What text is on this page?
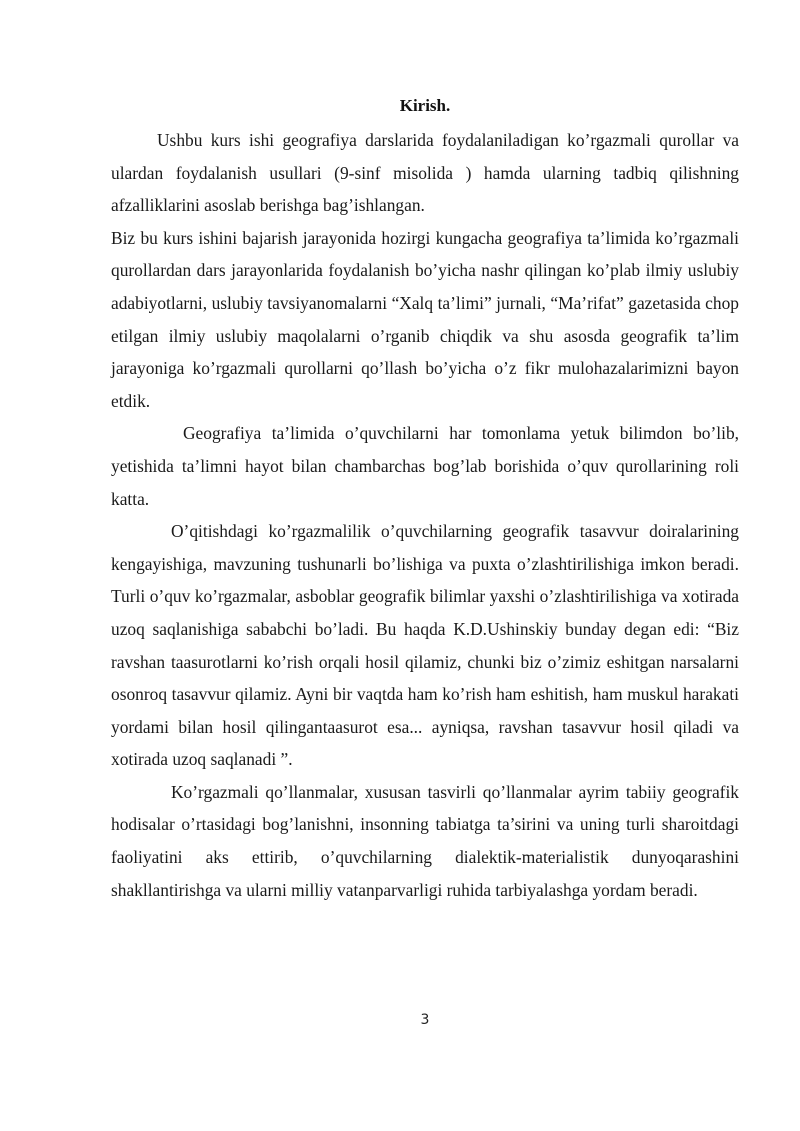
Kirish.

Ushbu kurs ishi geografiya darslarida foydalaniladigan ko’rgazmali qurollar va ulardan foydalanish usullari (9-sinf misolida ) hamda ularning tadbiq qilishning afzalliklarini asoslab berishga bag’ishlangan.

Biz bu kurs ishini bajarish jarayonida hozirgi kungacha geografiya ta’limida ko’rgazmali qurollardan dars jarayonlarida foydalanish bo’yicha nashr qilingan ko’plab ilmiy uslubiy adabiyotlarni, uslubiy tavsiyanomalarni “Xalq ta’limi” jurnali, “Ma’rifat” gazetasida chop etilgan ilmiy uslubiy maqolalarni o’rganib chiqdik va shu asosda geografik ta’lim jarayoniga ko’rgazmali qurollarni qo’llash bo’yicha o’z fikr mulohazalarimizni bayon etdik.

Geografiya ta’limida o’quvchilarni har tomonlama yetuk bilimdon bo’lib, yetishida ta’limni hayot bilan chambarchas bog’lab borishida o’quv qurollarining roli katta.

O’qitishdagi ko’rgazmalilik o’quvchilarning geografik tasavvur doiralarining kengayishiga, mavzuning tushunarli bo’lishiga va puxta o’zlashtirilishiga imkon beradi. Turli o’quv ko’rgazmalar, asboblar geografik bilimlar yaxshi o’zlashtirilishiga va xotirada uzoq saqlanishiga sababchi bo’ladi. Bu haqda K.D.Ushinskiy bunday degan edi: “Biz ravshan taasurotlarni ko’rish orqali hosil qilamiz, chunki biz o’zimiz eshitgan narsalarni osonroq tasavvur qilamiz. Ayni bir vaqtda ham ko’rish ham eshitish, ham muskul harakati yordami bilan hosil qilingantaasurot esa... ayniqsa, ravshan tasavvur hosil qiladi va xotirada uzoq saqlanadi ”.

Ko’rgazmali qo’llanmalar, xususan tasvirli qo’llanmalar ayrim tabiiy geografik hodisalar o’rtasidagi bog’lanishni, insonning tabiatga ta’sirini va uning turli sharoitdagi faoliyatini aks ettirib, o’quvchilarning dialektik-materialistik dunyoqarashini shakllantirishga va ularni milliy vatanparvarligi ruhida tarbiyalashga yordam beradi.

3
